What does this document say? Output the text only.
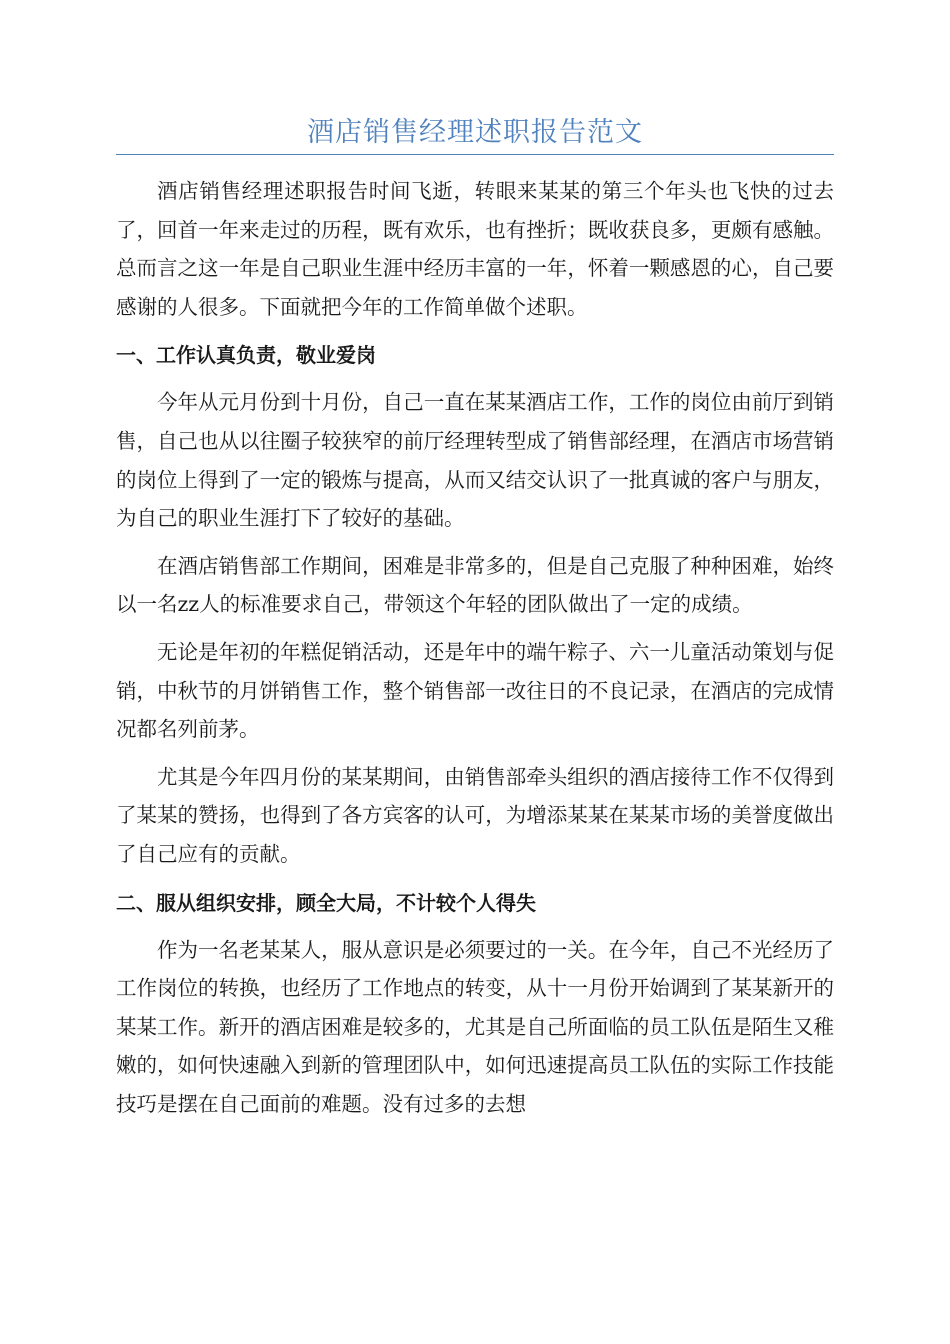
酒店销售经理述职报告范文

酒店销售经理述职报告时间飞逝，转眼来某某的第三个年头也飞快的过去了，回首一年来走过的历程，既有欢乐，也有挫折；既收获良多，更颇有感触。总而言之这一年是自己职业生涯中经历丰富的一年，怀着一颗感恩的心，自己要感谢的人很多。下面就把今年的工作简单做个述职。

一、工作认真负责，敬业爱岗

今年从元月份到十月份，自己一直在某某酒店工作，工作的岗位由前厅到销售，自己也从以往圈子较狭窄的前厅经理转型成了销售部经理，在酒店市场营销的岗位上得到了一定的锻炼与提高，从而又结交认识了一批真诚的客户与朋友，为自己的职业生涯打下了较好的基础。

在酒店销售部工作期间，困难是非常多的，但是自己克服了种种困难，始终以一名zz人的标准要求自己，带领这个年轻的团队做出了一定的成绩。

无论是年初的年糕促销活动，还是年中的端午粽子、六一儿童活动策划与促销，中秋节的月饼销售工作，整个销售部一改往日的不良记录，在酒店的完成情况都名列前茅。

尤其是今年四月份的某某期间，由销售部牵头组织的酒店接待工作不仅得到了某某的赞扬，也得到了各方宾客的认可，为增添某某在某某市场的美誉度做出了自己应有的贡献。

二、服从组织安排，顾全大局，不计较个人得失

作为一名老某某人，服从意识是必须要过的一关。在今年，自己不光经历了工作岗位的转换，也经历了工作地点的转变，从十一月份开始调到了某某新开的某某工作。新开的酒店困难是较多的，尤其是自己所面临的员工队伍是陌生又稚嫩的，如何快速融入到新的管理团队中，如何迅速提高员工队伍的实际工作技能技巧是摆在自己面前的难题。没有过多的去想
